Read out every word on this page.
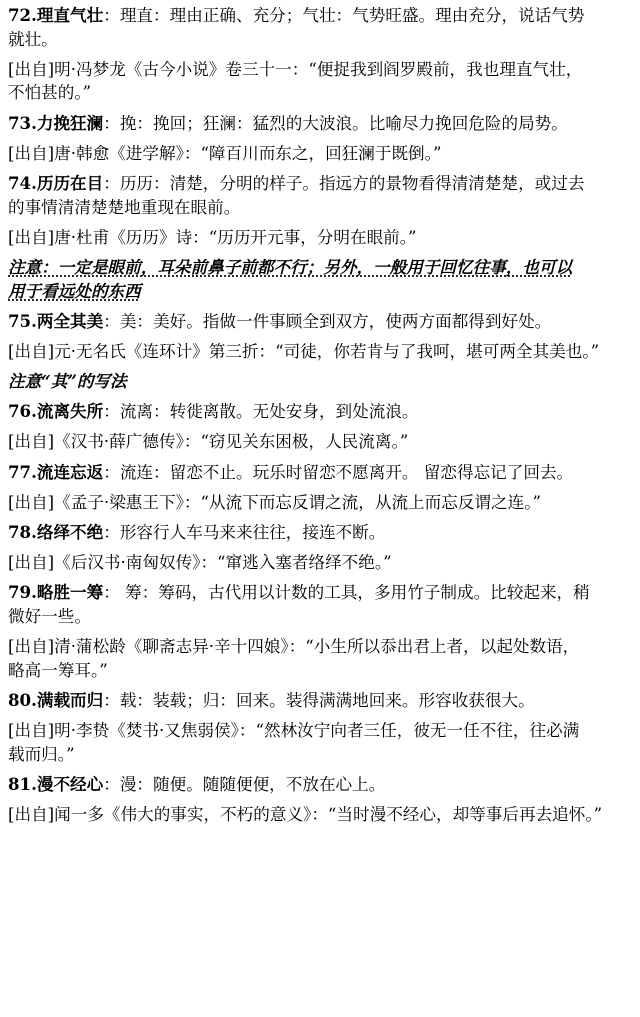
72.理直气壮：理直：理由正确、充分；气壮：气势旺盛。理由充分，说话气势
就壮。
[出自]明·冯梦龙《古今小说》卷三十一：“便捉我到阎罗殿前，我也理直气壮，
不怕甚的。”
73.力挽狂澜：挽：挽回；狂澜：猛烈的大波浪。比喻尽力挽回危险的局势。
[出自]唐·韩愈《进学解》：“障百川而东之，回狂澜于既倒。”
74.历历在目：历历：清楚，分明的样子。指远方的景物看得清清楚楚，或过去
的事情清清楚楚地重现在眼前。
[出自]唐·杜甫《历历》诗：“历历开元事，分明在眼前。”
注意：一定是眼前，耳朵前鼻子前都不行；另外，一般用于回忆往事，也可以
用于看远处的东西
75.两全其美：美：美好。指做一件事顾全到双方，使两方面都得到好处。
[出自]元·无名氏《连环计》第三折：“司徒，你若肯与了我呵，堪可两全其美也。”
注意“其”的写法
76.流离失所：流离：转徙离散。无处安身，到处流浪。
[出自]《汉书·薛广德传》：“窃见关东困极，人民流离。”
77.流连忘返：流连：留恋不止。玩乐时留恋不愿离开。 留恋得忘记了回去。
[出自]《孟子·梁惠王下》：“从流下而忘反谓之流，从流上而忘反谓之连。”
78.络绎不绝：形容行人车马来来往往，接连不断。
[出自]《后汉书·南匈奴传》：“窜逃入塞者络绎不绝。”
79.略胜一筹： 筹：筹码，古代用以计数的工具，多用竹子制成。比较起来，稍
微好一些。
[出自]清·蒲松龄《聊斋志异·辛十四娘》：“小生所以忝出君上者，以起处数语，
略高一筹耳。”
80.满载而归：载：装载；归：回来。装得满满地回来。形容收获很大。
[出自]明·李贽《焚书·又焦弱侯》：“然林汝宁向者三任，彼无一任不往，往必满
载而归。”
81.漫不经心：漫：随便。随随便便，不放在心上。
[出自]闻一多《伟大的事实，不朽的意义》：“当时漫不经心，却等事后再去追怀。”
